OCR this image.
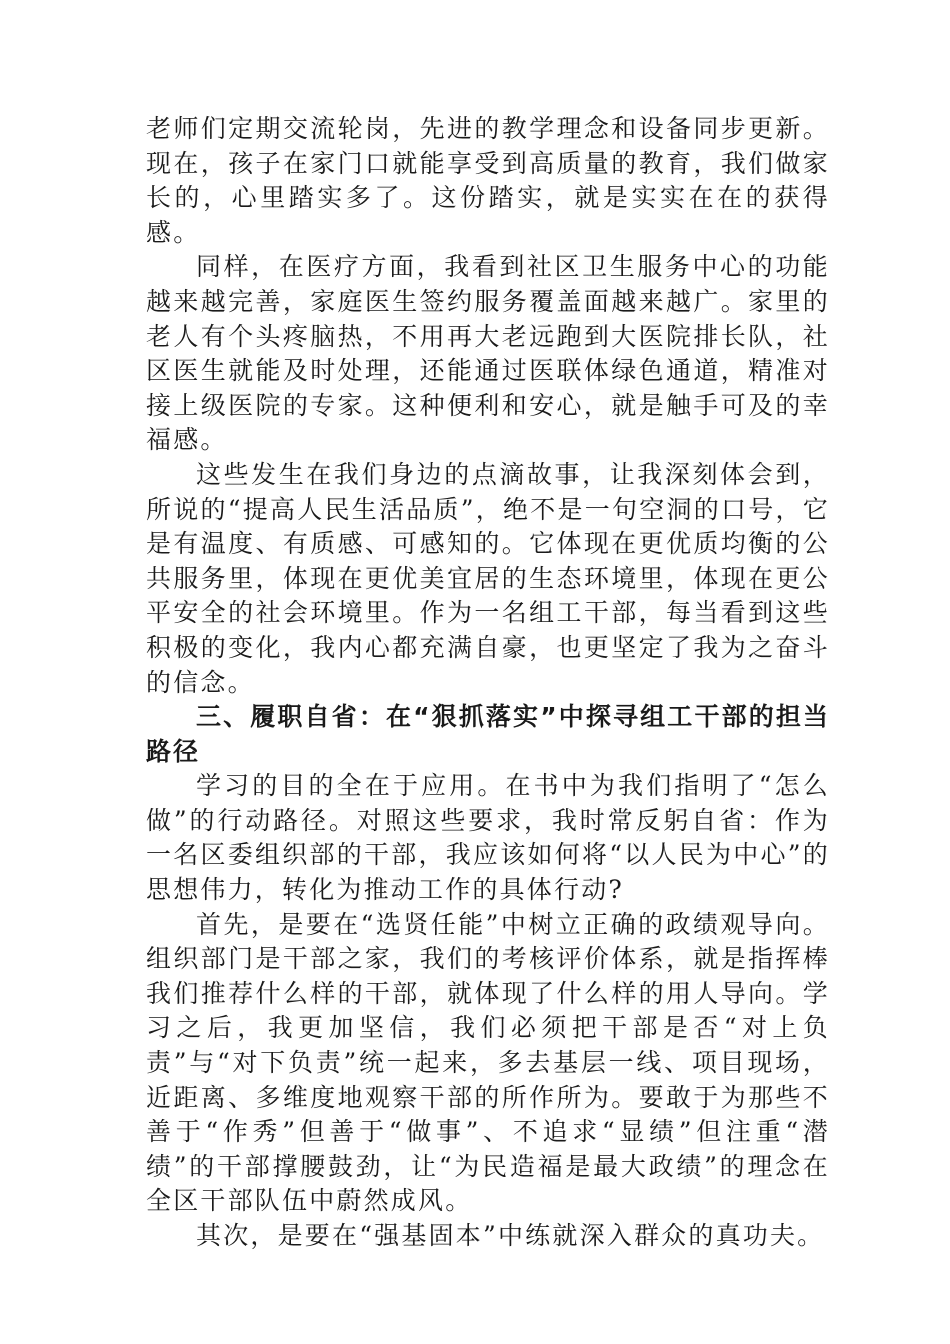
老师们定期交流轮岗，先进的教学理念和设备同步更新。现在，孩子在家门口就能享受到高质量的教育，我们做家长的，心里踏实多了。这份踏实，就是实实在在的获得感。

同样，在医疗方面，我看到社区卫生服务中心的功能越来越完善，家庭医生签约服务覆盖面越来越广。家里的老人有个头疼脑热，不用再大老远跑到大医院排长队，社区医生就能及时处理，还能通过医联体绿色通道，精准对接上级医院的专家。这种便利和安心，就是触手可及的幸福感。

这些发生在我们身边的点滴故事，让我深刻体会到，所说的“提高人民生活品质”，绝不是一句空洞的口号，它是有温度、有质感、可感知的。它体现在更优质均衡的公共服务里，体现在更优美宜居的生态环境里，体现在更公平安全的社会环境里。作为一名组工干部，每当看到这些积极的变化，我内心都充满自豪，也更坚定了我为之奋斗的信念。

三、履职自省：在“狠抓落实”中探寻组工干部的担当路径

学习的目的全在于应用。在书中为我们指明了“怎么做”的行动路径。对照这些要求，我时常反躬自省：作为一名区委组织部的干部，我应该如何将“以人民为中心”的思想伟力，转化为推动工作的具体行动?

首先，是要在“选贤任能”中树立正确的政绩观导向。组织部门是干部之家，我们的考核评价体系，就是指挥棒我们推荐什么样的干部，就体现了什么样的用人导向。学习之后，我更加坚信，我们必须把干部是否“对上负责”与“对下负责”统一起来，多去基层一线、项目现场，近距离、多维度地观察干部的所作所为。要敢于为那些不善于“作秀”但善于“做事”、不追求“显绩”但注重“潜绩”的干部撑腰鼓劲，让“为民造福是最大政绩”的理念在全区干部队伍中蔚然成风。

其次，是要在“强基固本”中练就深入群众的真功夫。
